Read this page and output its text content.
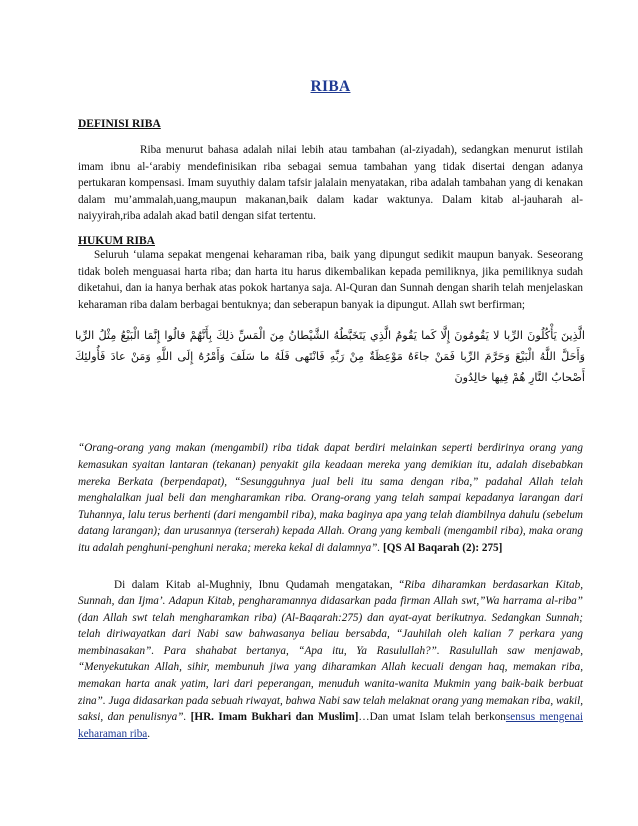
RIBA
DEFINISI RIBA

Riba menurut bahasa adalah nilai lebih atau tambahan (al-ziyadah), sedangkan menurut istilah imam ibnu al-‘arabiy mendefinisikan riba sebagai semua tambahan yang tidak disertai dengan adanya pertukaran kompensasi. Imam suyuthiy dalam tafsir jalalain menyatakan, riba adalah tambahan yang di kenakan dalam mu’ammalah,uang,maupun makanan,baik dalam kadar waktunya. Dalam kitab al-jauharah al-naiyyirah,riba adalah akad batil dengan sifat tertentu.

HUKUM RIBA

Seluruh ‘ulama sepakat mengenai keharaman riba, baik yang dipungut sedikit maupun banyak. Seseorang tidak boleh menguasai harta riba; dan harta itu harus dikembalikan kepada pemiliknya, jika pemiliknya sudah diketahui, dan ia hanya berhak atas pokok hartanya saja. Al-Quran dan Sunnah dengan sharih telah menjelaskan keharaman riba dalam berbagai bentuknya; dan seberapun banyak ia dipungut. Allah swt berfirman;

الَّذِينَ يَأْكُلُونَ الرِّبا لا يَقُومُونَ إِلَّا كَما يَقُومُ الَّذِي يَتَخَبَّطُهُ الشَّيْطانُ مِنَ الْمَسِّ ذلِكَ بِأَنَّهُمْ قالُوا إِنَّمَا الْبَيْعُ مِثْلُ الرِّبا وَأَحَلَّ اللَّهُ الْبَيْعَ وَحَرَّمَ الرِّبا فَمَنْ جاءَهُ مَوْعِظَةٌ مِنْ رَبِّهِ فَانْتَهى فَلَهُ ما سَلَفَ وَأَمْرُهُ إِلَى اللَّهِ وَمَنْ عادَ فَأُولئِكَ أَصْحابُ النَّارِ هُمْ فِيها خالِدُونَ

“Orang-orang yang makan (mengambil) riba tidak dapat berdiri melainkan seperti berdirinya orang yang kemasukan syaitan lantaran (tekanan) penyakit gila keadaan mereka yang demikian itu, adalah disebabkan mereka Berkata (berpendapat), “Sesungguhnya jual beli itu sama dengan riba,” padahal Allah telah menghalalkan jual beli dan mengharamkan riba. Orang-orang yang telah sampai kepadanya larangan dari Tuhannya, lalu terus berhenti (dari mengambil riba), maka baginya apa yang telah diambilnya dahulu (sebelum datang larangan); dan urusannya (terserah) kepada Allah. Orang yang kembali (mengambil riba), maka orang itu adalah penghuni-penghuni neraka; mereka kekal di dalamnya”. [QS Al Baqarah (2): 275]

Di dalam Kitab al-Mughniy, Ibnu Qudamah mengatakan, “Riba diharamkan berdasarkan Kitab, Sunnah, dan Ijma’. Adapun Kitab, pengharamannya didasarkan pada firman Allah swt,”Wa harrama al-riba” (dan Allah swt telah mengharamkan riba) (Al-Baqarah:275) dan ayat-ayat berikutnya. Sedangkan Sunnah; telah diriwayatkan dari Nabi saw bahwasanya beliau bersabda, “Jauhilah oleh kalian 7 perkara yang membinasakan”. Para shahabat bertanya, “Apa itu, Ya Rasulullah?”. Rasulullah saw menjawab, “Menyekutukan Allah, sihir, membunuh jiwa yang diharamkan Allah kecuali dengan haq, memakan riba, memakan harta anak yatim, lari dari peperangan, menuduh wanita-wanita Mukmin yang baik-baik berbuat zina”. Juga didasarkan pada sebuah riwayat, bahwa Nabi saw telah melaknat orang yang memakan riba, wakil, saksi, dan penulisnya”. [HR. Imam Bukhari dan Muslim]…Dan umat Islam telah berkonsensus mengenai keharaman riba.
